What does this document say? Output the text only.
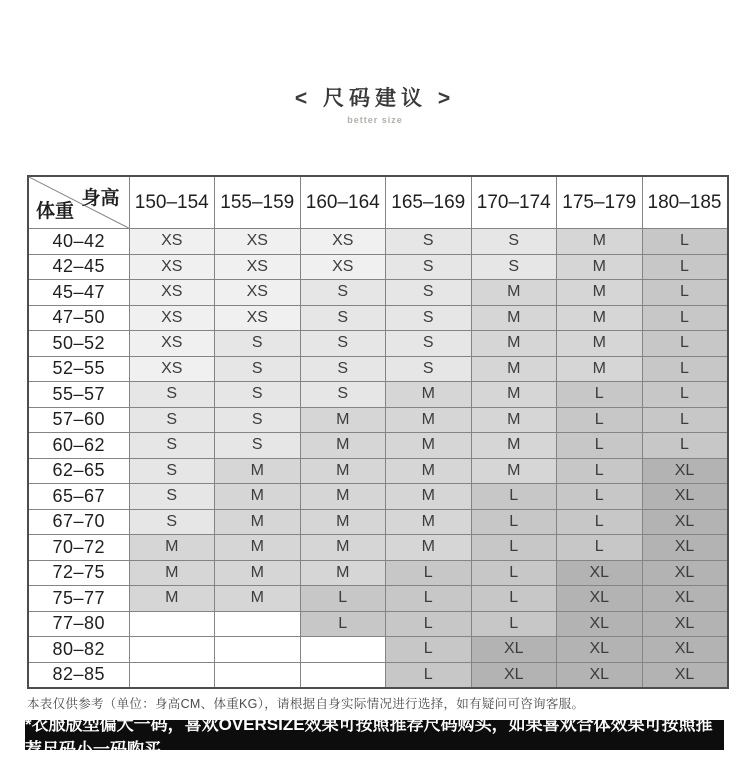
< 尺码建议 >
better size
身高
体重	150–154	155–159	160–164	165–169	170–174	175–179	180–185
40–42	XS	XS	XS	S	S	M	L
42–45	XS	XS	XS	S	S	M	L
45–47	XS	XS	S	S	M	M	L
47–50	XS	XS	S	S	M	M	L
50–52	XS	S	S	S	M	M	L
52–55	XS	S	S	S	M	M	L
55–57	S	S	S	M	M	L	L
57–60	S	S	M	M	M	L	L
60–62	S	S	M	M	M	L	L
62–65	S	M	M	M	M	L	XL
65–67	S	M	M	M	L	L	XL
67–70	S	M	M	M	L	L	XL
70–72	M	M	M	M	L	L	XL
72–75	M	M	M	L	L	XL	XL
75–77	M	M	L	L	L	XL	XL
77–80			L	L	L	XL	XL
80–82				L	XL	XL	XL
82–85				L	XL	XL	XL
本表仅供参考（单位：身高CM、体重KG），请根据自身实际情况进行选择，如有疑问可咨询客服。
*衣服版型偏大一码，喜欢OVERSIZE效果可按照推荐尺码购买，如果喜欢合体效果可按照推荐尺码小一码购买
